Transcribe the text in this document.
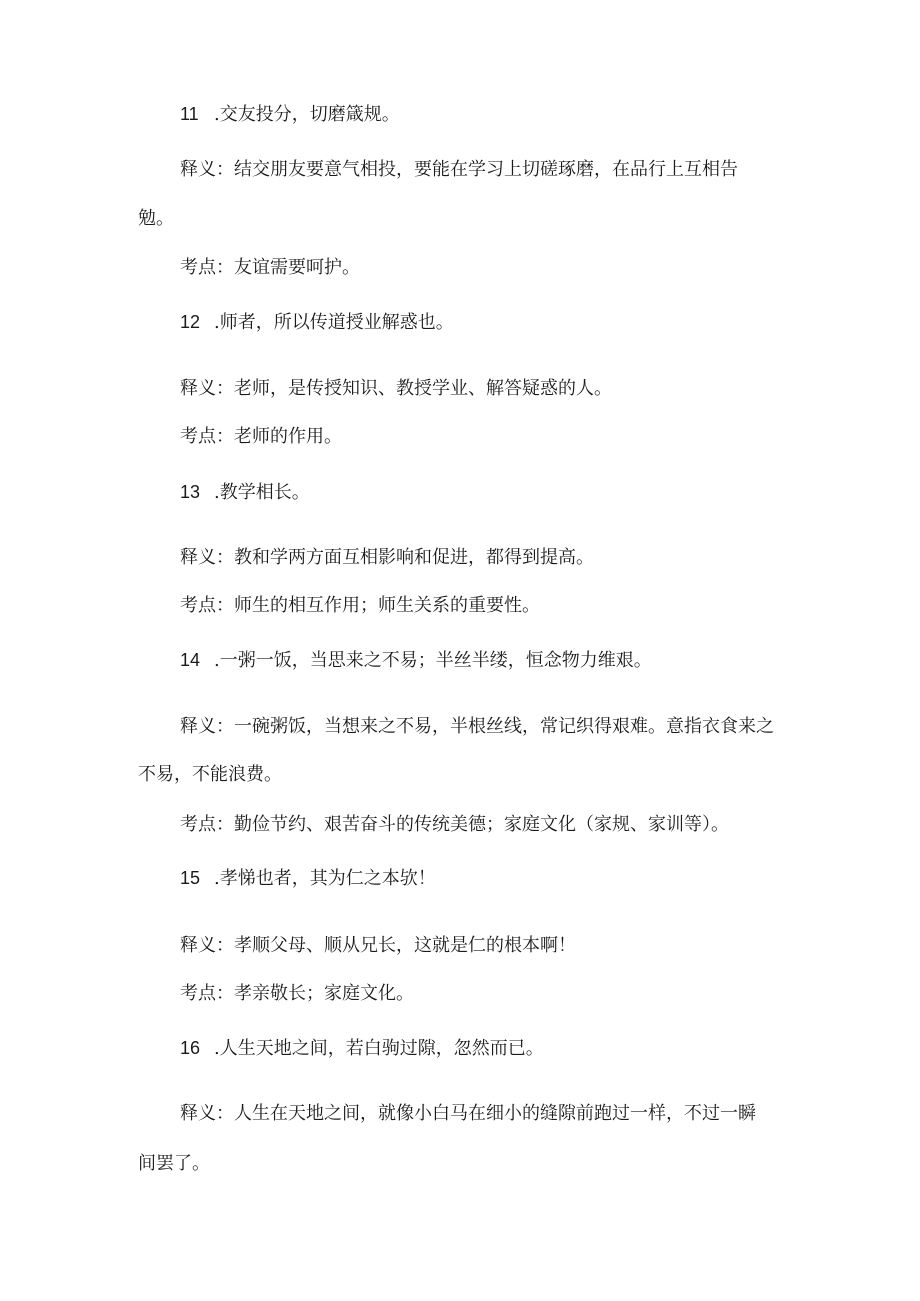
11 .交友投分，切磨箴规。
释义：结交朋友要意气相投，要能在学习上切磋琢磨，在品行上互相告
勉。
考点：友谊需要呵护。
12 .师者，所以传道授业解惑也。
释义：老师，是传授知识、教授学业、解答疑惑的人。
考点：老师的作用。
13 .教学相长。
释义：教和学两方面互相影响和促进，都得到提高。
考点：师生的相互作用；师生关系的重要性。
14 .一粥一饭，当思来之不易；半丝半缕，恒念物力维艰。
释义：一碗粥饭，当想来之不易，半根丝线，常记织得艰难。意指衣食来之
不易，不能浪费。
考点：勤俭节约、艰苦奋斗的传统美德；家庭文化（家规、家训等）。
15 .孝悌也者，其为仁之本欤！
释义：孝顺父母、顺从兄长，这就是仁的根本啊！
考点：孝亲敬长；家庭文化。
16 .人生天地之间，若白驹过隙，忽然而已。
释义：人生在天地之间，就像小白马在细小的缝隙前跑过一样，不过一瞬
间罢了。
